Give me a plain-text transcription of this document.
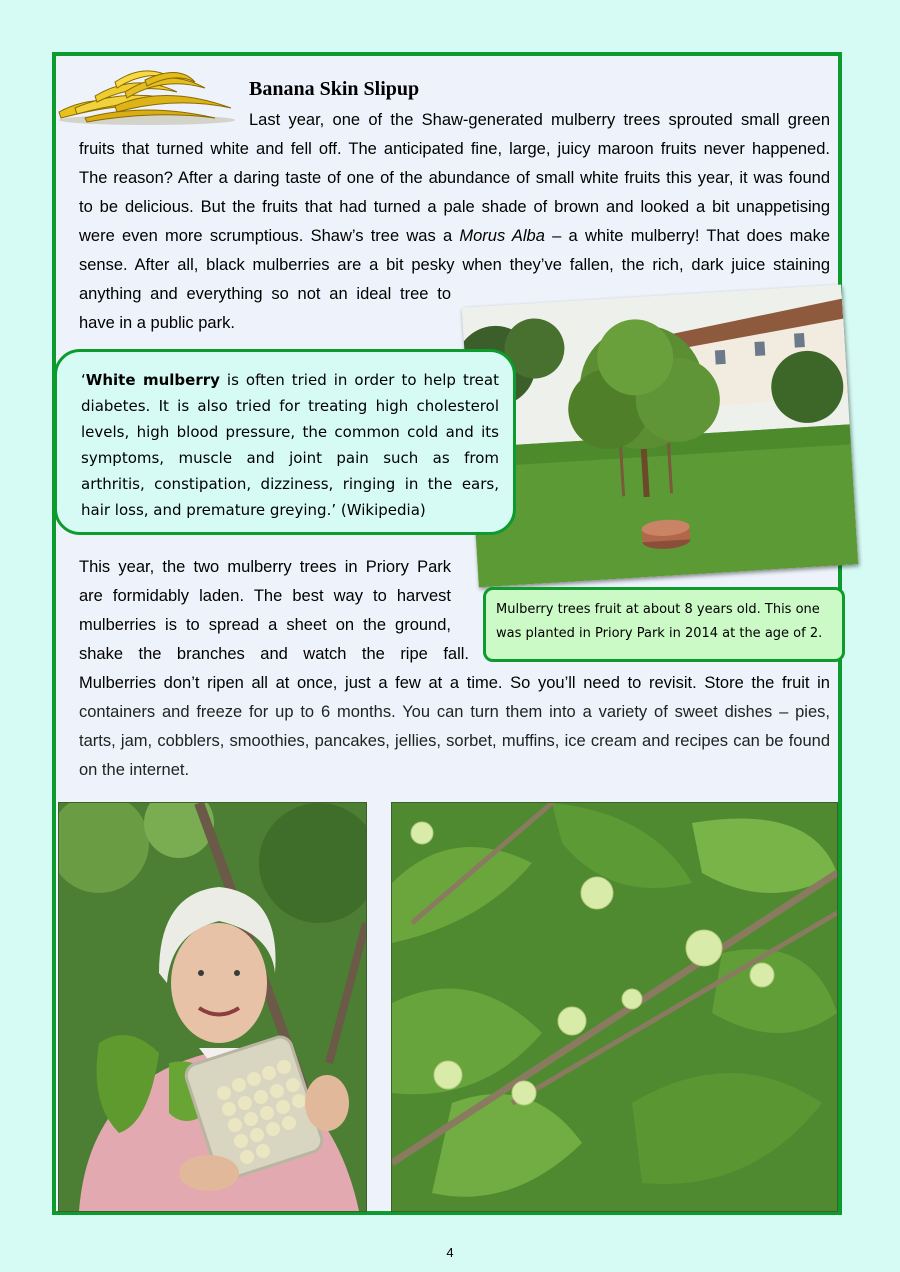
Banana Skin Slipup

Last year, one of the Shaw-generated mulberry trees sprouted small green

fruits that turned white and fell off. The anticipated fine, large, juicy maroon fruits never happened.

The reason? After a daring taste of one of the abundance of small white fruits this year, it was found

to be delicious. But the fruits that had turned a pale shade of brown and looked a bit unappetising

were even more scrumptious. Shaw’s tree was a Morus Alba – a white mulberry! That does make

sense. After all, black mulberries are a bit pesky when they’ve fallen, the rich, dark juice staining

anything and everything so not an ideal tree to

have in a public park.

‘White mulberry is often tried in order to help treat diabetes. It is also tried for treating high cholesterol levels, high blood pressure, the common cold and its symptoms, muscle and joint pain such as from arthritis, constipation, dizziness, ringing in the ears, hair loss, and premature greying.’ (Wikipedia)

This year, the two mulberry trees in Priory Park

are formidably laden. The best way to harvest

mulberries is to spread a sheet on the ground,

shake the branches and watch the ripe fall.

Mulberries don’t ripen all at once, just a few at a time. So you’ll need to revisit. Store the fruit in

containers and freeze for up to 6 months. You can turn them into a variety of sweet dishes – pies,

tarts, jam, cobblers, smoothies, pancakes, jellies, sorbet, muffins, ice cream and recipes can be found

on the internet.

Mulberry trees fruit at about 8 years old. This one
was planted in Priory Park in 2014 at the age of 2.
4
